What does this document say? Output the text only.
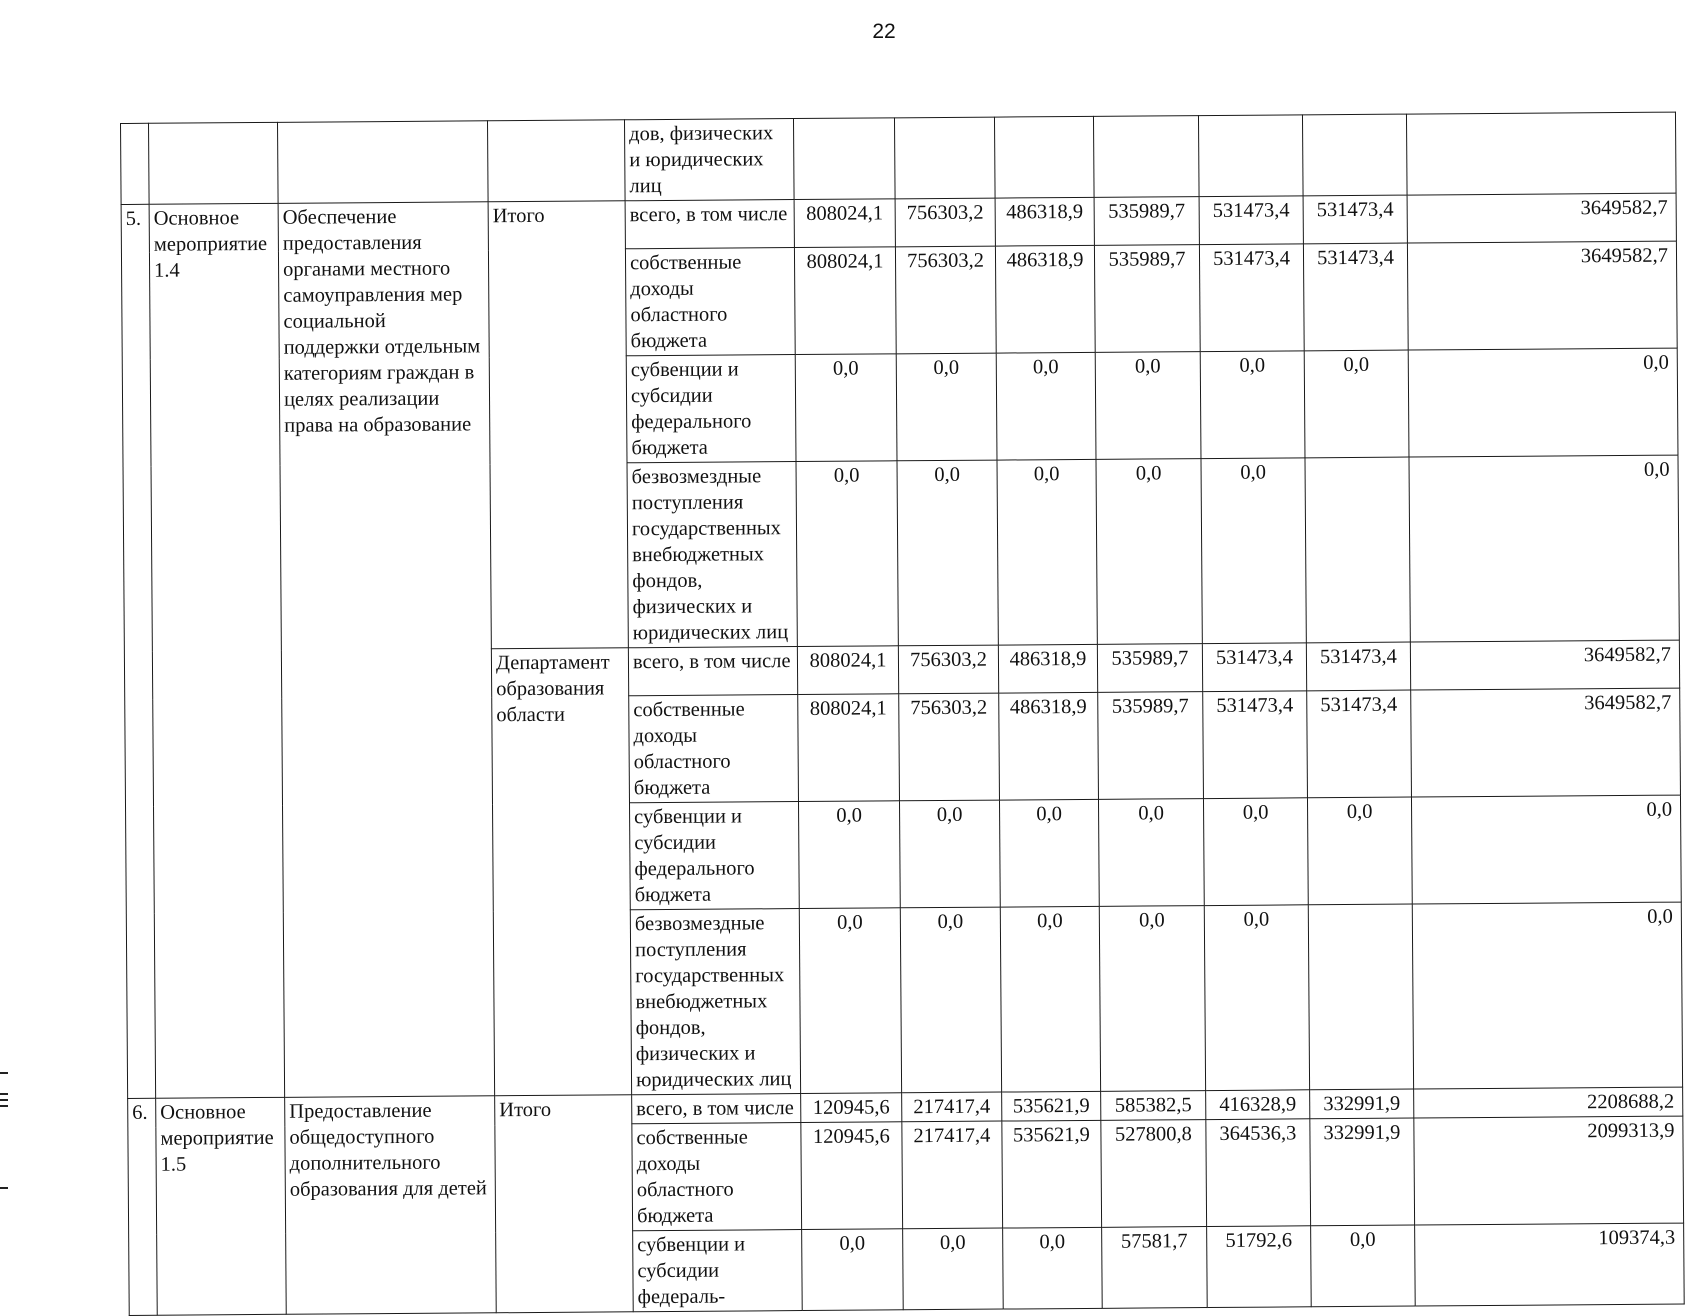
22
				дов, физических и юридических лиц							
5.	Основное мероприятие 1.4	Обеспечение предоставления органами местного самоуправления мер социальной поддержки отдельным категориям граждан в целях реализации права на образование	Итого	всего, в том числе	808024,1	756303,2	486318,9	535989,7	531473,4	531473,4	3649582,7
				собственные доходы областного бюджета	808024,1	756303,2	486318,9	535989,7	531473,4	531473,4	3649582,7
				субвенции и субсидии федерального бюджета	0,0	0,0	0,0	0,0	0,0	0,0	0,0
				безвозмездные поступления государственных внебюджетных фондов, физических и юридических лиц	0,0	0,0	0,0	0,0	0,0		0,0
			Департамент образования области	всего, в том числе	808024,1	756303,2	486318,9	535989,7	531473,4	531473,4	3649582,7
				собственные доходы областного бюджета	808024,1	756303,2	486318,9	535989,7	531473,4	531473,4	3649582,7
				субвенции и субсидии федерального бюджета	0,0	0,0	0,0	0,0	0,0	0,0	0,0
				безвозмездные поступления государственных внебюджетных фондов, физических и юридических лиц	0,0	0,0	0,0	0,0	0,0		0,0
6.	Основное мероприятие 1.5	Предоставление общедоступного дополнительного образования для детей	Итого	всего, в том числе	120945,6	217417,4	535621,9	585382,5	416328,9	332991,9	2208688,2
				собственные доходы областного бюджета	120945,6	217417,4	535621,9	527800,8	364536,3	332991,9	2099313,9
				субвенции и субсидии федераль-	0,0	0,0	0,0	57581,7	51792,6	0,0	109374,3
